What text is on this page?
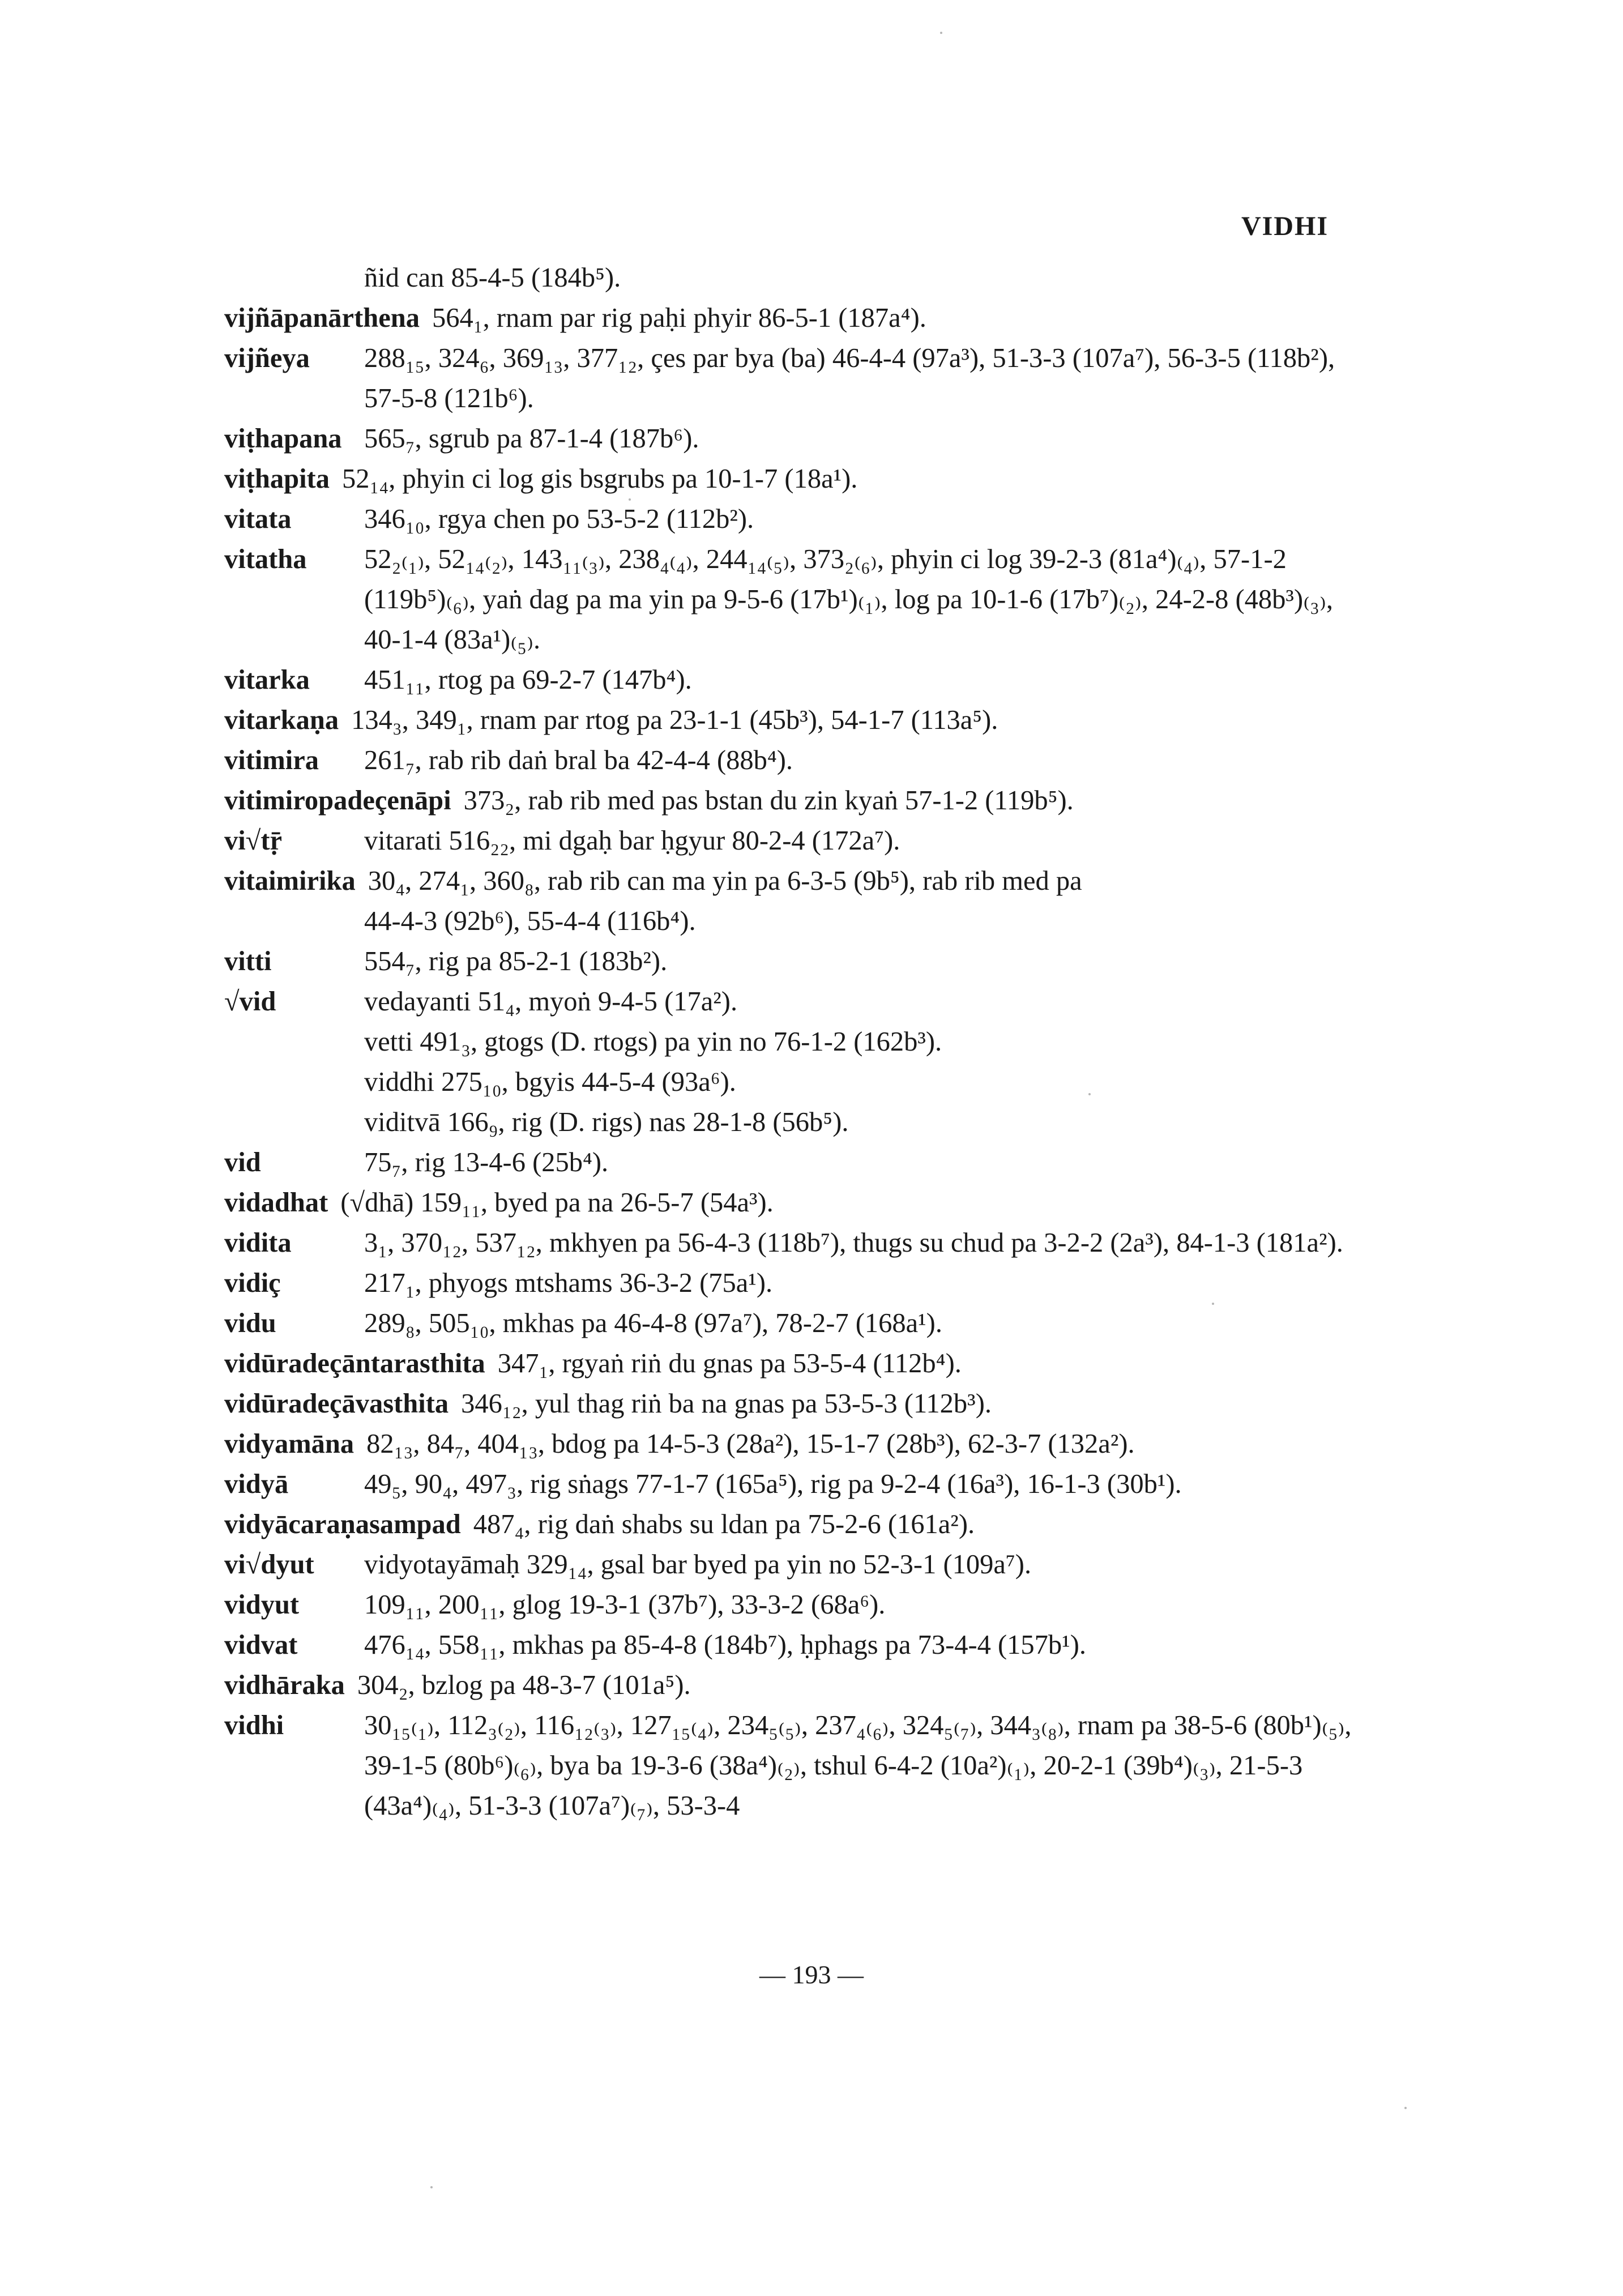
VIDHI
ñid can 85-4-5 (184b⁵).
vijñāpanārthena 564₁, rnam par rig paḥi phyir 86-5-1 (187a⁴).
vijñeya 288₁₅, 324₆, 369₁₃, 377₁₂, çes par bya (ba) 46-4-4 (97a³), 51-3-3 (107a⁷), 56-3-5 (118b²), 57-5-8 (121b⁶).
viṭhapana 565₇, sgrub pa 87-1-4 (187b⁶).
viṭhapita 52₁₄, phyin ci log gis bsgrubs pa 10-1-7 (18a¹).
vitata	346₁₀, rgya chen po 53-5-2 (112b²).
vitatha 52₂₍₁₎, 52₁₄₍₂₎, 143₁₁₍₃₎, 238₄₍₄₎, 244₁₄₍₅₎, 373₂₍₆₎, phyin ci log 39-2-3 (81a⁴)₍₄₎, 57-1-2 (119b⁵)₍₆₎, yaṅ dag pa ma yin pa 9-5-6 (17b¹)₍₁₎, log pa 10-1-6 (17b⁷)₍₂₎, 24-2-8 (48b³)₍₃₎, 40-1-4 (83a¹)₍₅₎.
vitarka 451₁₁, rtog pa 69-2-7 (147b⁴).
vitarkaṇa 134₃, 349₁, rnam par rtog pa 23-1-1 (45b³), 54-1-7 (113a⁵).
vitimira 261₇, rab rib daṅ bral ba 42-4-4 (88b⁴).
vitimiropadeçenāpi 373₂, rab rib med pas bstan du zin kyaṅ 57-1-2 (119b⁵).
vi√tṝ	vitarati 516₂₂, mi dgaḥ bar ḥgyur 80-2-4 (172a⁷).
vitaimirika 30₄, 274₁, 360₈, rab rib can ma yin pa 6-3-5 (9b⁵), rab rib med pa
44-4-3 (92b⁶), 55-4-4 (116b⁴).
vitti	554₇, rig pa 85-2-1 (183b²).
√vid	vedayanti 51₄, myoṅ 9-4-5 (17a²).
vetti 491₃, gtogs (D. rtogs) pa yin no 76-1-2 (162b³).
viddhi 275₁₀, bgyis 44-5-4 (93a⁶).
viditvā 166₉, rig (D. rigs) nas 28-1-8 (56b⁵).
vid	75₇, rig 13-4-6 (25b⁴).
vidadhat (√dhā) 159₁₁, byed pa na 26-5-7 (54a³).
vidita	3₁, 370₁₂, 537₁₂, mkhyen pa 56-4-3 (118b⁷), thugs su chud pa 3-2-2 (2a³), 84-1-3 (181a²).
vidiç	217₁, phyogs mtshams 36-3-2 (75a¹).
vidu	289₈, 505₁₀, mkhas pa 46-4-8 (97a⁷), 78-2-7 (168a¹).
vidūradeçāntarasthita 347₁, rgyaṅ riṅ du gnas pa 53-5-4 (112b⁴).
vidūradeçāvasthita 346₁₂, yul thag riṅ ba na gnas pa 53-5-3 (112b³).
vidyamāna 82₁₃, 84₇, 404₁₃, bdog pa 14-5-3 (28a²), 15-1-7 (28b³), 62-3-7 (132a²).
vidyā	49₅, 90₄, 497₃, rig sṅags 77-1-7 (165a⁵), rig pa 9-2-4 (16a³), 16-1-3 (30b¹).
vidyācaraṇasampad 487₄, rig daṅ shabs su ldan pa 75-2-6 (161a²).
vi√dyut vidyotayāmaḥ 329₁₄, gsal bar byed pa yin no 52-3-1 (109a⁷).
vidyut 109₁₁, 200₁₁, glog 19-3-1 (37b⁷), 33-3-2 (68a⁶).
vidvat 476₁₄, 558₁₁, mkhas pa 85-4-8 (184b⁷), ḥphags pa 73-4-4 (157b¹).
vidhāraka 304₂, bzlog pa 48-3-7 (101a⁵).
vidhi	30₁₅₍₁₎, 112₃₍₂₎, 116₁₂₍₃₎, 127₁₅₍₄₎, 234₅₍₅₎, 237₄₍₆₎, 324₅₍₇₎, 344₃₍₈₎, rnam pa 38-5-6 (80b¹)₍₅₎, 39-1-5 (80b⁶)₍₆₎, bya ba 19-3-6 (38a⁴)₍₂₎, tshul 6-4-2 (10a²)₍₁₎, 20-2-1 (39b⁴)₍₃₎, 21-5-3 (43a⁴)₍₄₎, 51-3-3 (107a⁷)₍₇₎, 53-3-4
— 193 —
